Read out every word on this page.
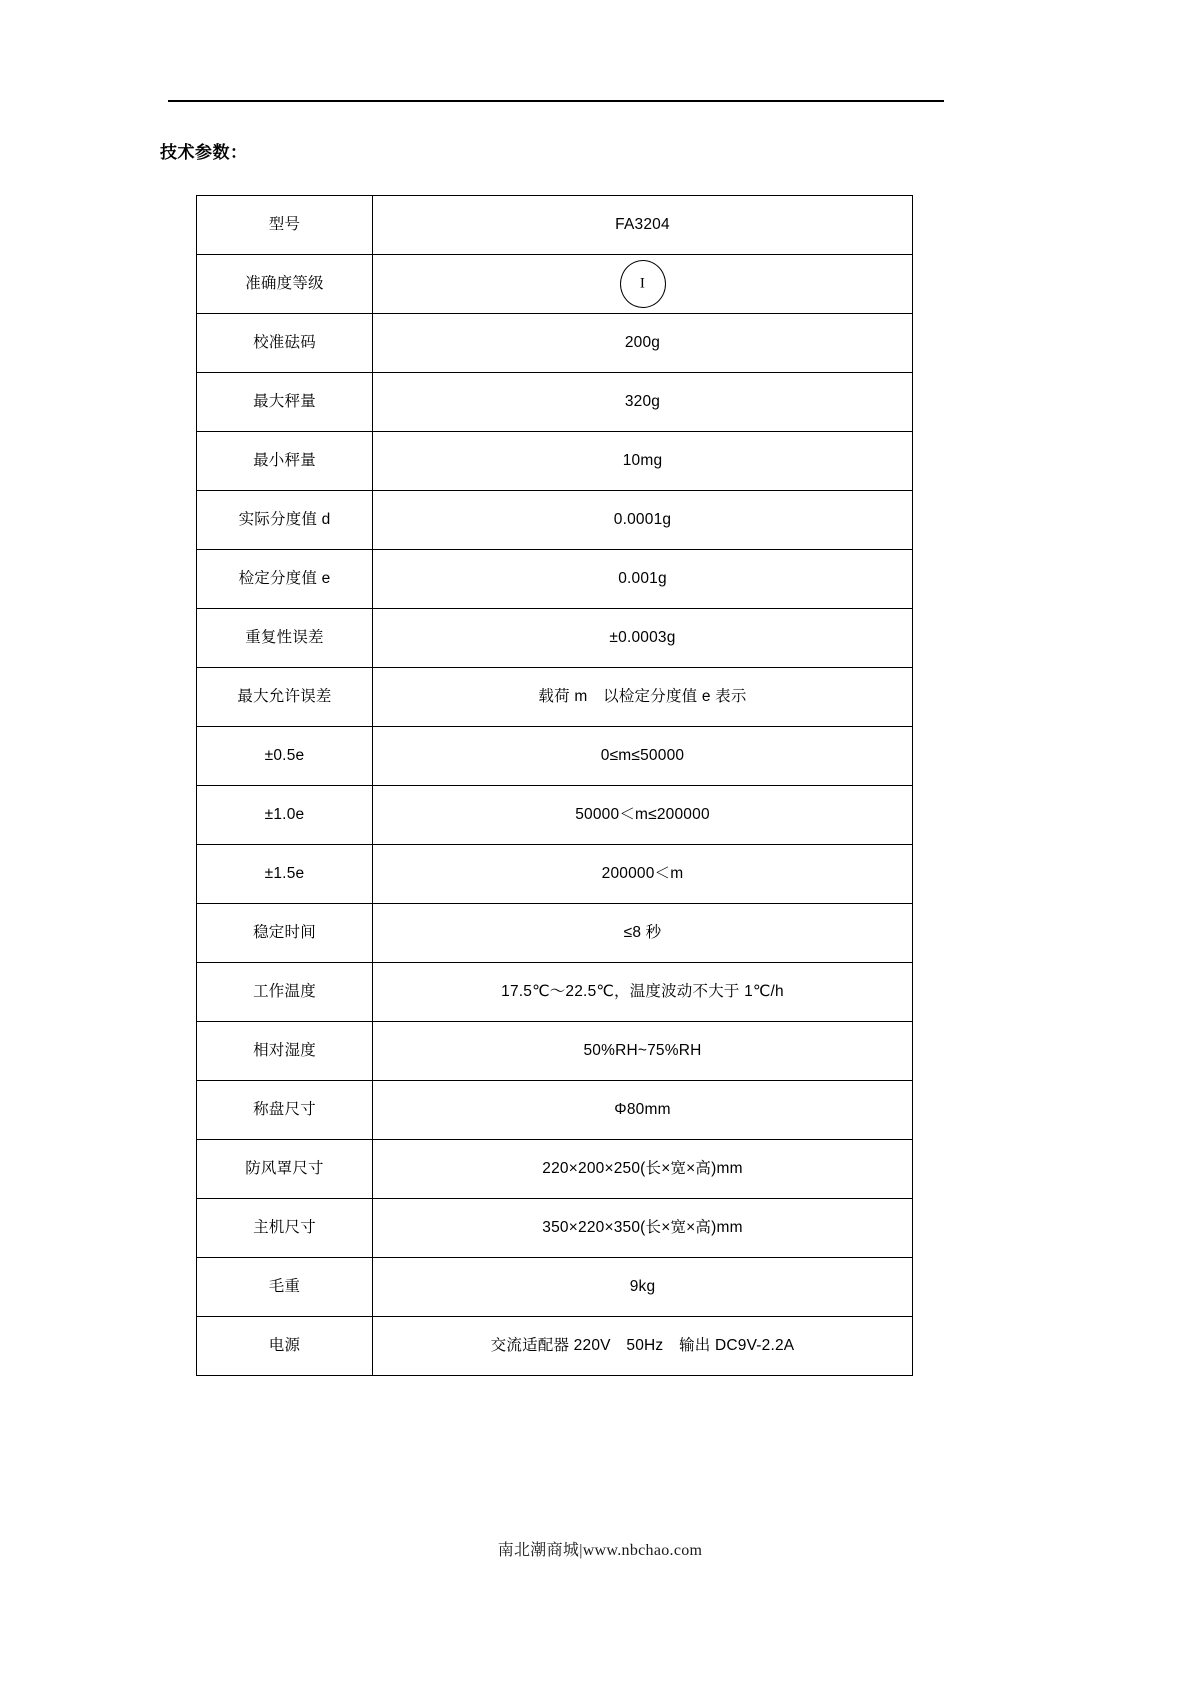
技术参数：
型号	FA3204
准确度等级	I

校准砝码	200g
最大秤量	320g
最小秤量	10mg
实际分度值 d	0.0001g
检定分度值 e	0.001g
重复性误差	±0.0003g
最大允许误差	载荷 m　以检定分度值 e 表示
±0.5e	0≤m≤50000
±1.0e	50000＜m≤200000
±1.5e	200000＜m
稳定时间	≤8 秒
工作温度	17.5℃～22.5℃，温度波动不大于 1℃/h
相对湿度	50%RH~75%RH
称盘尺寸	Φ80mm
防风罩尺寸	220×200×250(长×宽×高)mm
主机尺寸	350×220×350(长×宽×高)mm
毛重	9kg
电源	交流适配器 220V　50Hz　输出 DC9V-2.2A
南北潮商城|www.nbchao.com
